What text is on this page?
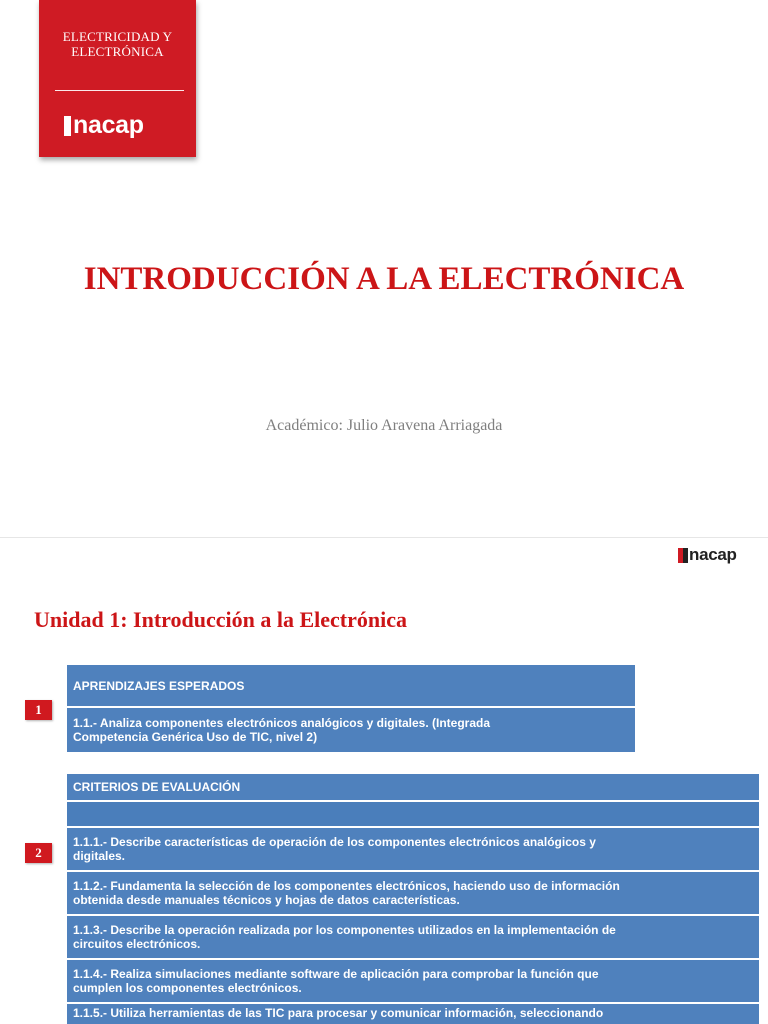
ELECTRICIDAD Y
ELECTRÓNICA
nacap
INTRODUCCIÓN A LA ELECTRÓNICA
Académico: Julio Aravena Arriagada
nacap
Unidad 1: Introducción a la Electrónica
1
2
APRENDIZAJES ESPERADOS
1.1.- Analiza componentes electrónicos analógicos y digitales. (Integrada
Competencia Genérica Uso de TIC, nivel 2)
CRITERIOS DE EVALUACIÓN
1.1.1.- Describe características de operación de los componentes electrónicos analógicos y
digitales.
1.1.2.- Fundamenta la selección de los componentes electrónicos, haciendo uso de información
obtenida desde manuales técnicos y hojas de datos características.
1.1.3.- Describe la operación realizada por los componentes utilizados en la implementación de
circuitos electrónicos.
1.1.4.- Realiza simulaciones mediante software de aplicación para comprobar la función que
cumplen los componentes electrónicos.
1.1.5.- Utiliza herramientas de las TIC para procesar y comunicar información, seleccionando
